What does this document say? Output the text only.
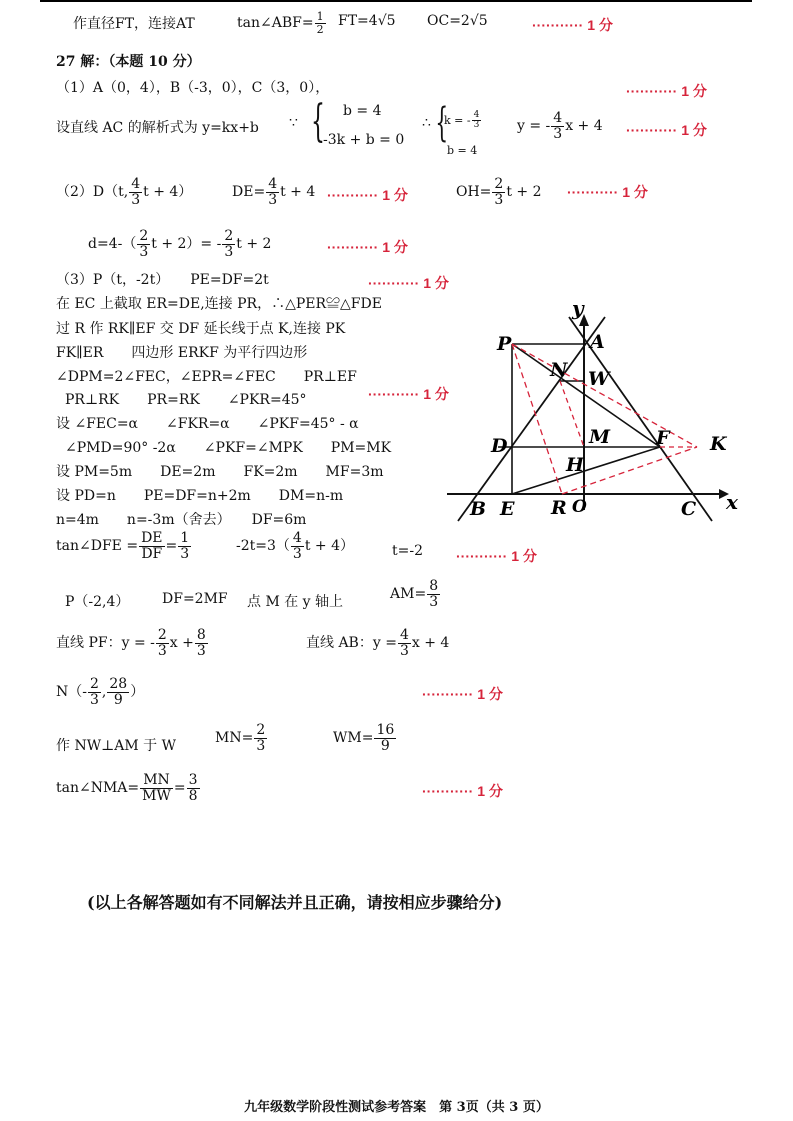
作直径FT，连接AT	tan∠ABF= $\frac{1}{2} FT=4√5$ OC=2√5	··········· 1 分
27 解：（本题 10 分）
（1）A（0，4），B（-3，0），C（3，0），	··········· 1 分
设直线 AC 的解析式为 y=kx+b ∵ { b = 4
-3k + b = 0
∴ {
k = - $\frac{4}{3}$
b = 4
y = - $\frac{4}{3}$ x + 4 ··········· 1 分
（2）D（t, $\frac{4}{3}$ t + 4）	$DE= \frac{4}{3}$ t + 4 ··········· 1 分	$OH= \frac{2}{3}$ t + 2 ··········· 1 分
$d=4-( \frac{2}{3}$ $t + 2)= - \frac{2}{3}$ t + 2	··········· 1 分
（3）P（t，-2t）　　PE=DF=2t	··········· 1 分
在 EC 上截取 ER=DE,连接 PR，∴△PER≌△FDE
过 R 作 RK∥EF 交 DF 延长线于点 K,连接 PK
FK∥ER　　四边形 ERKF 为平行四边形
∠DPM=2∠FEC，∠EPR=∠FEC　　PR⊥EF
PR⊥RK　　PR=RK　　∠PKR=45°	··········· 1 分
设 ∠FEC=α　　∠FKR=α　　∠PKF=45° - α
∠PMD=90° -2α　　∠PKF=∠MPK　　PM=MK
设 PM=5m　　DE=2m　　FK=2m　　MF=3m
设 PD=n　　PE=DF=n+2m　　DM=n-m
n=4m　　n=-3m（舍去）　　DF=6m
tan∠DFE = $\frac{DE}{DF} = \frac{1}{3}$	$-2t=3( \frac{4}{3}$ t + 4）	t=-2 ··········· 1 分
P（-2,4） DF=2MF 点 M 在 y 轴上	$AM= \frac{8}{3}$
直线 PF：y = - $\frac{2}{3}$ $x + \frac{8}{3}$	直线 AB：$y = \frac{4}{3}$ x + 4
$N(- \frac{2}{3}$ , $\frac{28}{9}$ ）	··········· 1 分
作 NW⊥AM 于 W	$MN= \frac{2}{3}$	$WM= \frac{16}{9}$
tan∠NMA= $\frac{MN}{MW} = \frac{3}{8}$	··········· 1 分
y
x
P	A
N W
D	M F K
H
B E R O	C
(以上各解答题如有不同解法并且正确，请按相应步骤给分)
九年级数学阶段性测试参考答案　第 3页（共 3 页）
